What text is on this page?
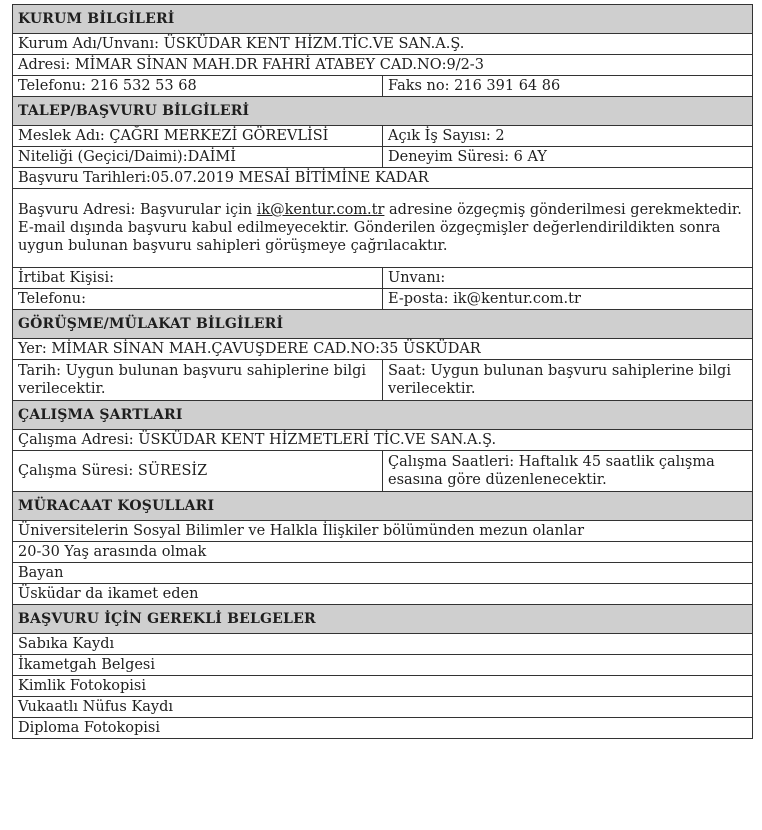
KURUM BİLGİLERİ	
Kurum Adı/Unvanı: ÜSKÜDAR KENT HİZM.TİC.VE SAN.A.Ş.	
Adresi: MİMAR SİNAN MAH.DR FAHRİ ATABEY CAD.NO:9/2-3	
Telefonu: 216 532 53 68	Faks no: 216 391 64 86
TALEP/BAŞVURU BİLGİLERİ	
Meslek Adı: ÇAĞRI MERKEZİ GÖREVLİSİ	Açık İş Sayısı: 2
Niteliği (Geçici/Daimi):DAİMİ	Deneyim Süresi: 6 AY
Başvuru Tarihleri:05.07.2019 MESAİ BİTİMİNE KADAR	
Başvuru Adresi: Başvurular için ik@kentur.com.tr adresine özgeçmiş gönderilmesi gerekmektedir. E-mail dışında başvuru kabul edilmeyecektir. Gönderilen özgeçmişler değerlendirildikten sonra uygun bulunan başvuru sahipleri görüşmeye çağrılacaktır.	
İrtibat Kişisi:	Unvanı:
Telefonu:	E-posta: ik@kentur.com.tr
GÖRÜŞME/MÜLAKAT BİLGİLERİ	
Yer: MİMAR SİNAN MAH.ÇAVUŞDERE CAD.NO:35 ÜSKÜDAR	
Tarih: Uygun bulunan başvuru sahiplerine bilgi verilecektir.	Saat: Uygun bulunan başvuru sahiplerine bilgi verilecektir.
ÇALIŞMA ŞARTLARI	
Çalışma Adresi: ÜSKÜDAR KENT HİZMETLERİ TİC.VE SAN.A.Ş.	
Çalışma Süresi: SÜRESİZ	Çalışma Saatleri: Haftalık 45 saatlik çalışma esasına göre düzenlenecektir.
MÜRACAAT KOŞULLARI	
Üniversitelerin Sosyal Bilimler ve Halkla İlişkiler bölümünden mezun olanlar	
20-30 Yaş arasında olmak	
Bayan	
Üsküdar da ikamet eden	
BAŞVURU İÇİN GEREKLİ BELGELER	
Sabıka Kaydı	
İkametgah Belgesi	
Kimlik Fotokopisi	
Vukaatlı Nüfus Kaydı	
Diploma Fotokopisi	
